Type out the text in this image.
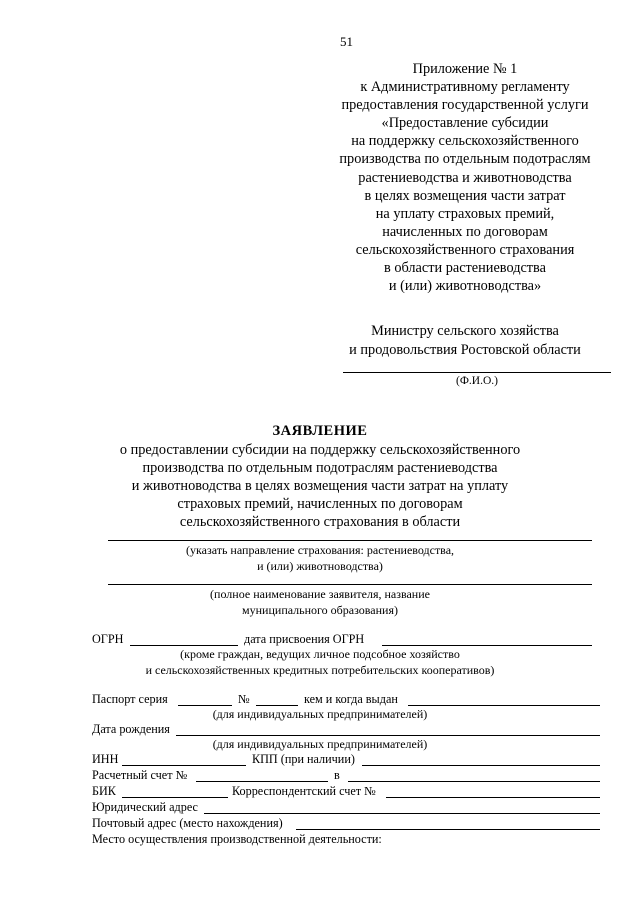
51
Приложение № 1
к Административному регламенту
предоставления государственной услуги
«Предоставление субсидии
на поддержку сельскохозяйственного
производства по отдельным подотраслям
растениеводства и животноводства
в целях возмещения части затрат
на уплату страховых премий,
начисленных по договорам
сельскохозяйственного страхования
в области растениеводства
и (или) животноводства»
Министру сельского хозяйства
и продовольствия Ростовской области
(Ф.И.О.)
ЗАЯВЛЕНИЕ
о предоставлении субсидии на поддержку сельскохозяйственного
производства по отдельным подотраслям растениеводства
и животноводства в целях возмещения части затрат на уплату
страховых премий, начисленных по договорам
сельскохозяйственного страхования в области
(указать направление страхования: растениеводства,
и (или) животноводства)
(полное наименование заявителя, название
муниципального образования)
ОГРН	дата присвоения ОГРН
(кроме граждан, ведущих личное подсобное хозяйство
и сельскохозяйственных кредитных потребительских кооперативов)
Паспорт серия	№	кем и когда выдан
(для индивидуальных предпринимателей)
Дата рождения
(для индивидуальных предпринимателей)
ИНН	КПП (при наличии)
Расчетный счет №	в
БИК	Корреспондентский счет №
Юридический адрес
Почтовый адрес (место нахождения)
Место осуществления производственной деятельности:
